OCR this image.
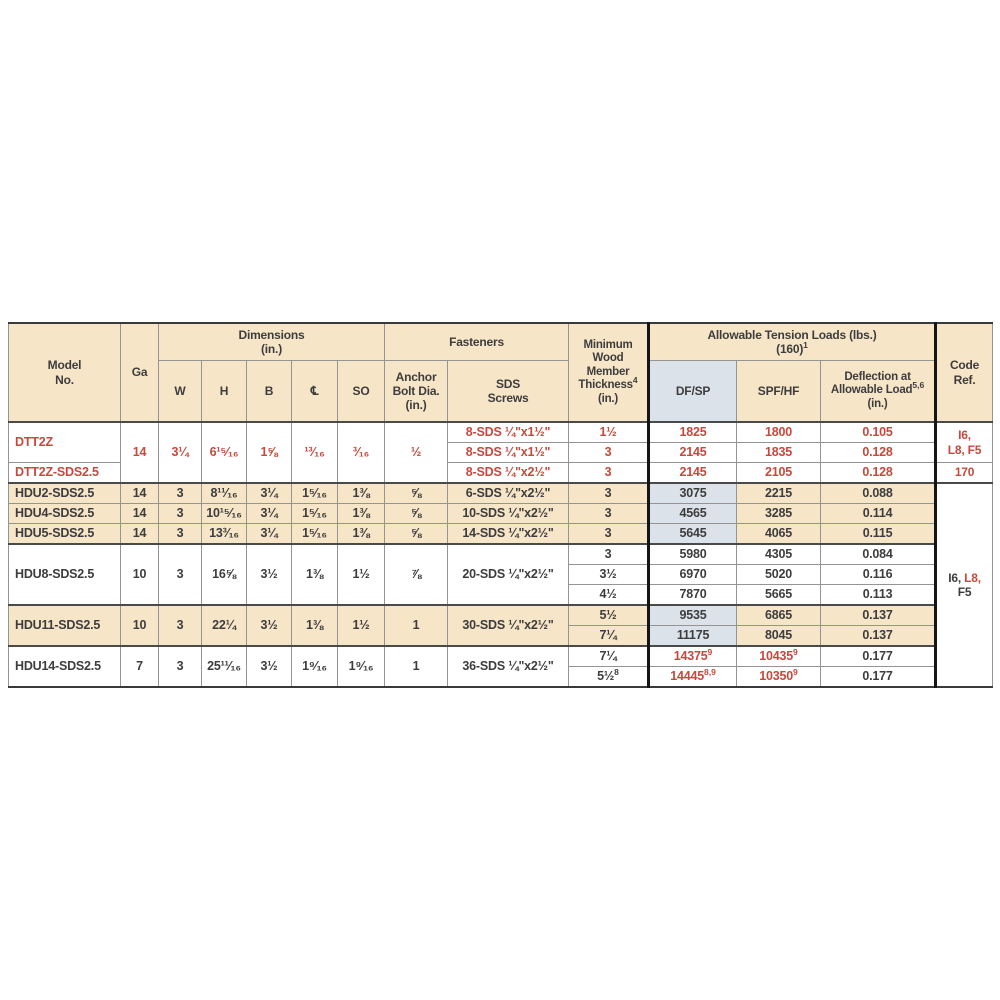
Model
No.	Ga	Dimensions
(in.)					Fasteners		Minimum
Wood
Member
Thickness$^4$
(in.)	Allowable Tension Loads (lbs.)
$(160)^1$			Code
Ref.
		W	H	B	℄	SO	Anchor
Bolt Dia.
(in.)	SDS
Screws		DF/SP	SPF/HF	Deflection at
Allowable Load$^{5,6}$
(in.)	
DTT2Z	14	3¼	6¹⁵⁄₁₆	1⅝	¹³⁄₁₆	³⁄₁₆	½	8-SDS ¼"x1½"	1½	1825	1800	0.105	I6,
L8, F5
								8-SDS ¼"x1½"	3	2145	1835	0.128	
DTT2Z-SDS2.5								8-SDS ¼"x2½"	3	2145	2105	0.128	170
HDU2-SDS2.5	14	3	8¹¹⁄₁₆	3¼	1⁵⁄₁₆	1⅜	⅝	6-SDS ¼"x2½"	3	3075	2215	0.088	I6, L8,
F5
HDU4-SDS2.5	14	3	10¹⁵⁄₁₆	3¼	1⁵⁄₁₆	1⅜	⅝	10-SDS ¼"x2½"	3	4565	3285	0.114	
HDU5-SDS2.5	14	3	13³⁄₁₆	3¼	1⁵⁄₁₆	1⅜	⅝	14-SDS ¼"x2½"	3	5645	4065	0.115	
HDU8-SDS2.5	10	3	16⅝	3½	1⅜	1½	⅞	20-SDS ¼"x2½"	3	5980	4305	0.084	
									3½	6970	5020	0.116	
									4½	7870	5665	0.113	
HDU11-SDS2.5	10	3	22¼	3½	1⅜	1½	1	30-SDS ¼"x2½"	5½	9535	6865	0.137	
									7¼	11175	8045	0.137	
HDU14-SDS2.5	7	3	25¹¹⁄₁₆	3½	1⁹⁄₁₆	1⁹⁄₁₆	1	36-SDS ¼"x2½"	7¼	14375$^9$	10435$^9$	0.177	
									5½$^8$	14445$^{8,9}$	10350$^9$	0.177	
